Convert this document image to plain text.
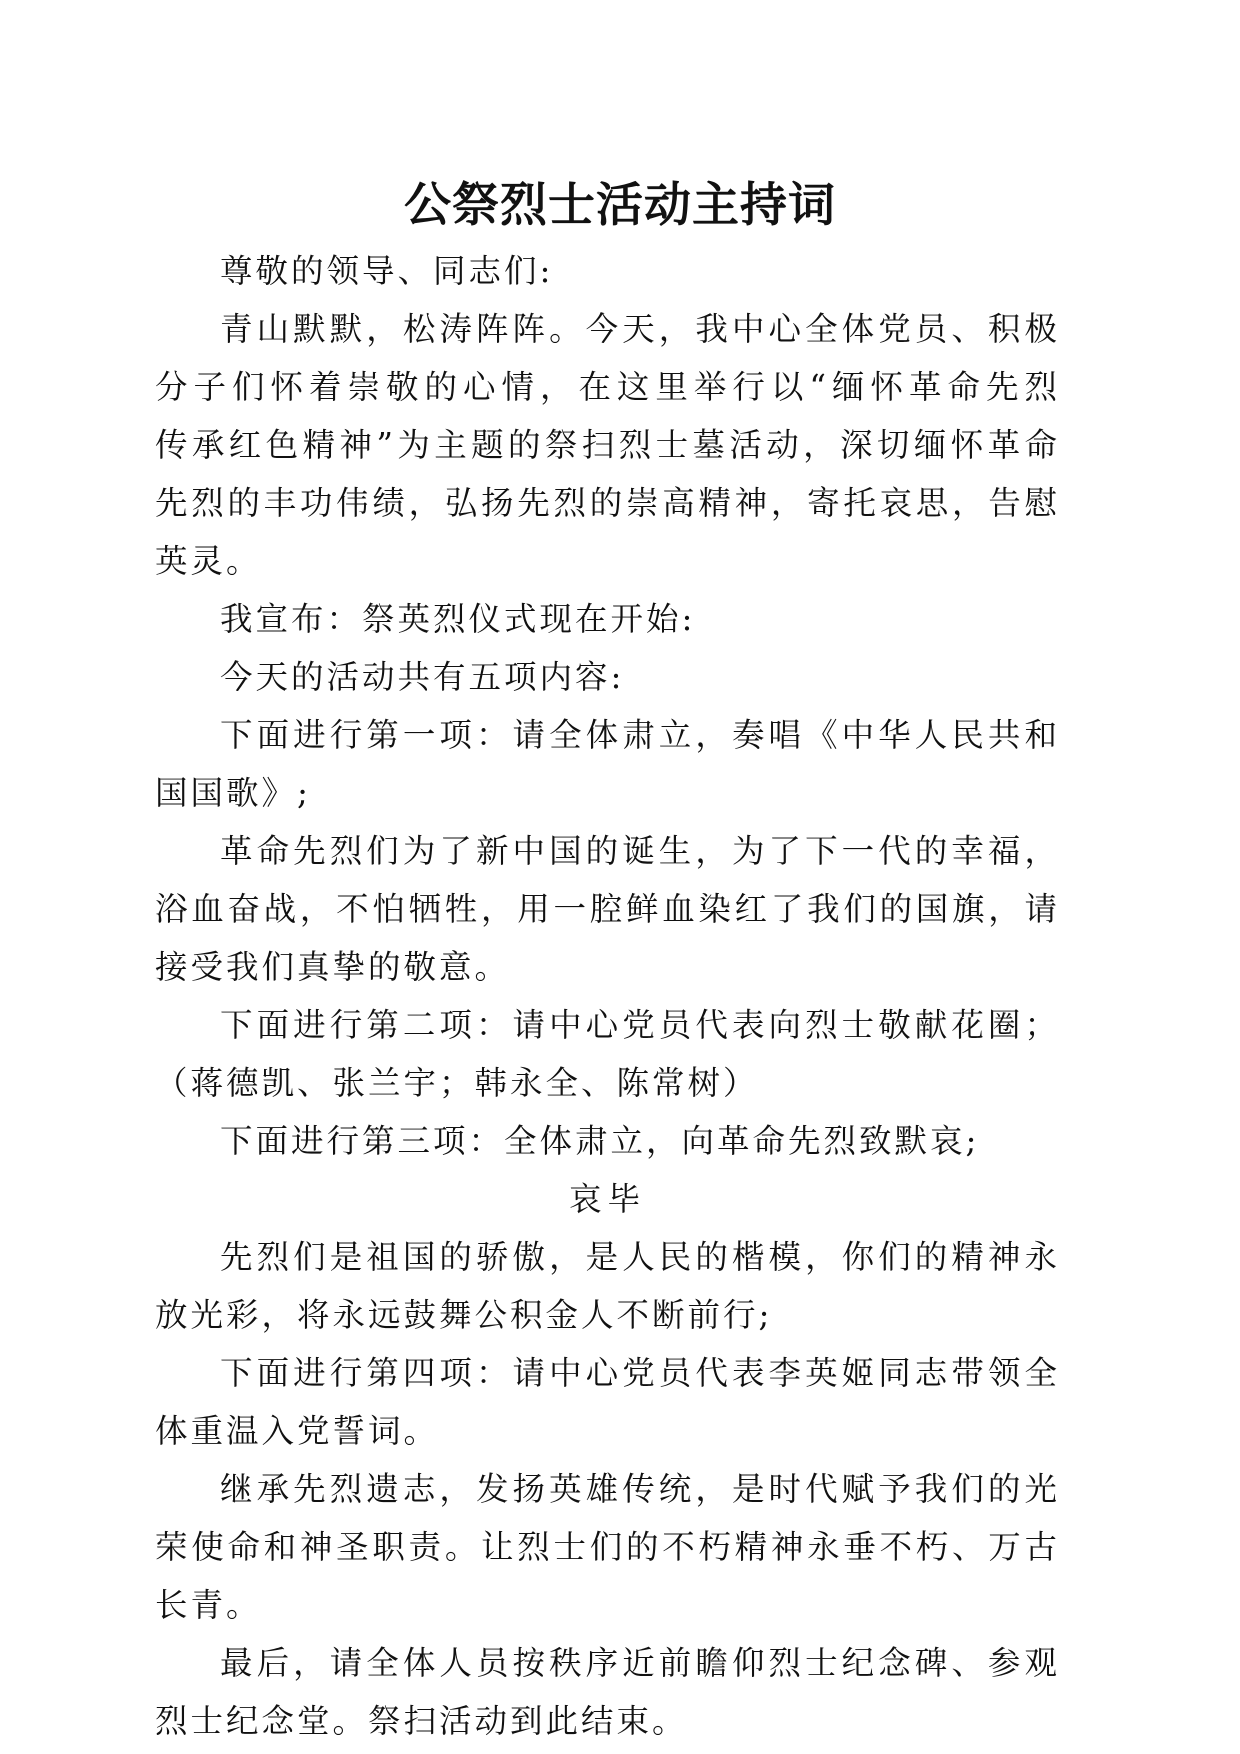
公祭烈士活动主持词

尊敬的领导、同志们:

青山默默，松涛阵阵。今天，我中心全体党员、积极分子们怀着崇敬的心情，在这里举行以“缅怀革命先烈　传承红色精神”为主题的祭扫烈士墓活动，深切缅怀革命先烈的丰功伟绩，弘扬先烈的崇高精神，寄托哀思，告慰英灵。

我宣布：祭英烈仪式现在开始:

今天的活动共有五项内容:

下面进行第一项：请全体肃立，奏唱《中华人民共和国国歌》;

革命先烈们为了新中国的诞生，为了下一代的幸福，浴血奋战，不怕牺牲，用一腔鲜血染红了我们的国旗，请接受我们真挚的敬意。

下面进行第二项：请中心党员代表向烈士敬献花圈；（蒋德凯、张兰宇；韩永全、陈常树）

下面进行第三项：全体肃立，向革命先烈致默哀;

哀毕

先烈们是祖国的骄傲，是人民的楷模，你们的精神永放光彩，将永远鼓舞公积金人不断前行;

下面进行第四项：请中心党员代表李英姬同志带领全体重温入党誓词。

继承先烈遗志，发扬英雄传统，是时代赋予我们的光荣使命和神圣职责。让烈士们的不朽精神永垂不朽、万古长青。

最后，请全体人员按秩序近前瞻仰烈士纪念碑、参观烈士纪念堂。祭扫活动到此结束。
